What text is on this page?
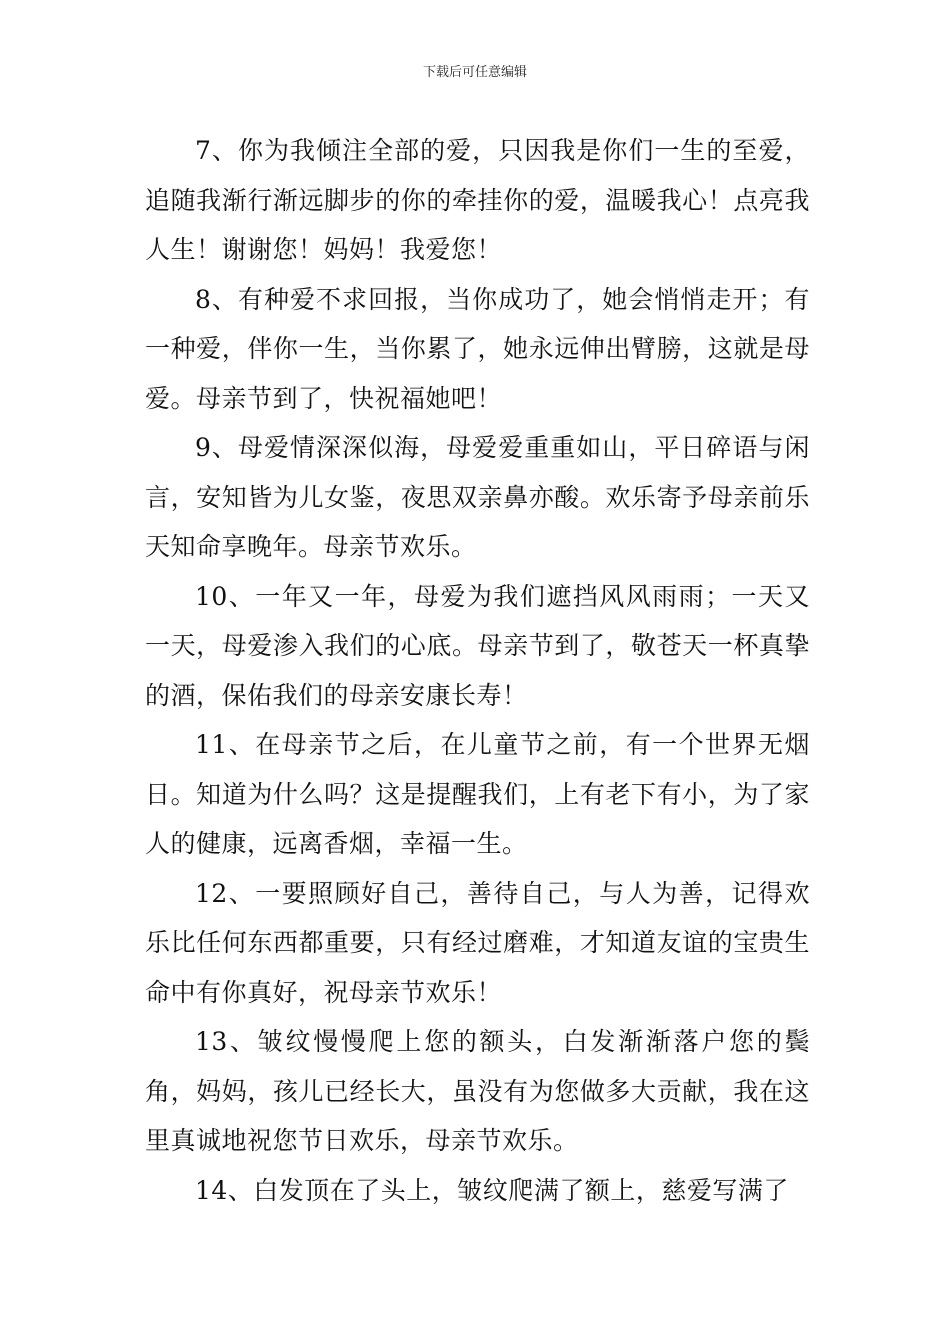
下载后可任意编辑

7、你为我倾注全部的爱，只因我是你们一生的至爱，追随我渐行渐远脚步的你的牵挂你的爱，温暖我心！点亮我人生！谢谢您！妈妈！我爱您！

8、有种爱不求回报，当你成功了，她会悄悄走开；有一种爱，伴你一生，当你累了，她永远伸出臂膀，这就是母爱。母亲节到了，快祝福她吧！

9、母爱情深深似海，母爱爱重重如山，平日碎语与闲言，安知皆为儿女鉴，夜思双亲鼻亦酸。欢乐寄予母亲前乐天知命享晚年。母亲节欢乐。

10、一年又一年，母爱为我们遮挡风风雨雨；一天又一天，母爱渗入我们的心底。母亲节到了，敬苍天一杯真挚的酒，保佑我们的母亲安康长寿！

11、在母亲节之后，在儿童节之前，有一个世界无烟日。知道为什么吗？这是提醒我们，上有老下有小，为了家人的健康，远离香烟，幸福一生。

12、一要照顾好自己，善待自己，与人为善，记得欢乐比任何东西都重要，只有经过磨难，才知道友谊的宝贵生命中有你真好，祝母亲节欢乐！

13、皱纹慢慢爬上您的额头，白发渐渐落户您的鬓角，妈妈，孩儿已经长大，虽没有为您做多大贡献，我在这里真诚地祝您节日欢乐，母亲节欢乐。

14、白发顶在了头上，皱纹爬满了额上，慈爱写满了
